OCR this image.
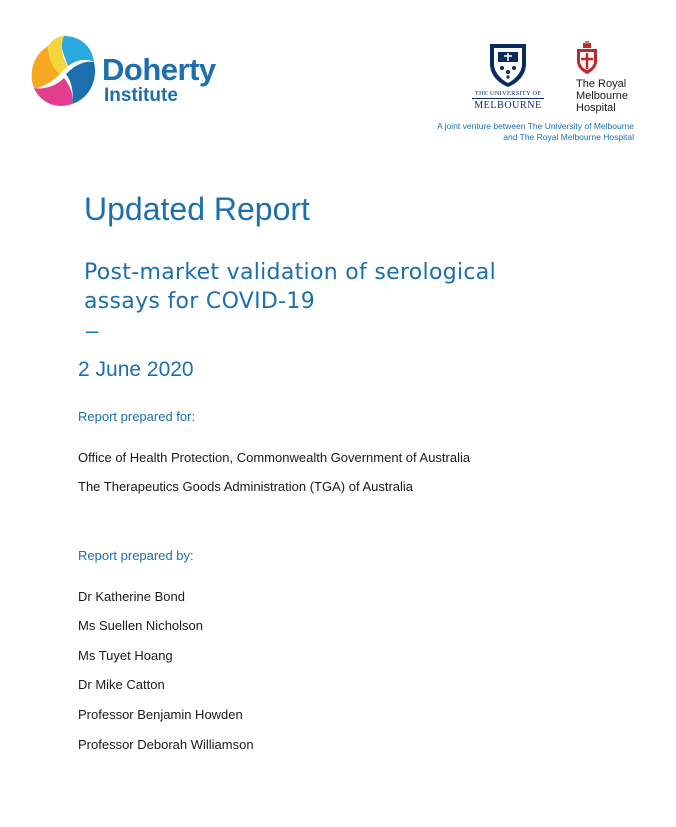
Doherty
Institute	THE UNIVERSITY OF
MELBOURNE
The Royal
Melbourne
Hospital
A joint venture between The University of Melbourne
and The Royal Melbourne Hospital
Updated Report
Post-market validation of serological
assays for COVID-19
–
2 June 2020
Report prepared for:
Office of Health Protection, Commonwealth Government of Australia
The Therapeutics Goods Administration (TGA) of Australia
Report prepared by:
Dr Katherine Bond
Ms Suellen Nicholson
Ms Tuyet Hoang
Dr Mike Catton
Professor Benjamin Howden
Professor Deborah Williamson
